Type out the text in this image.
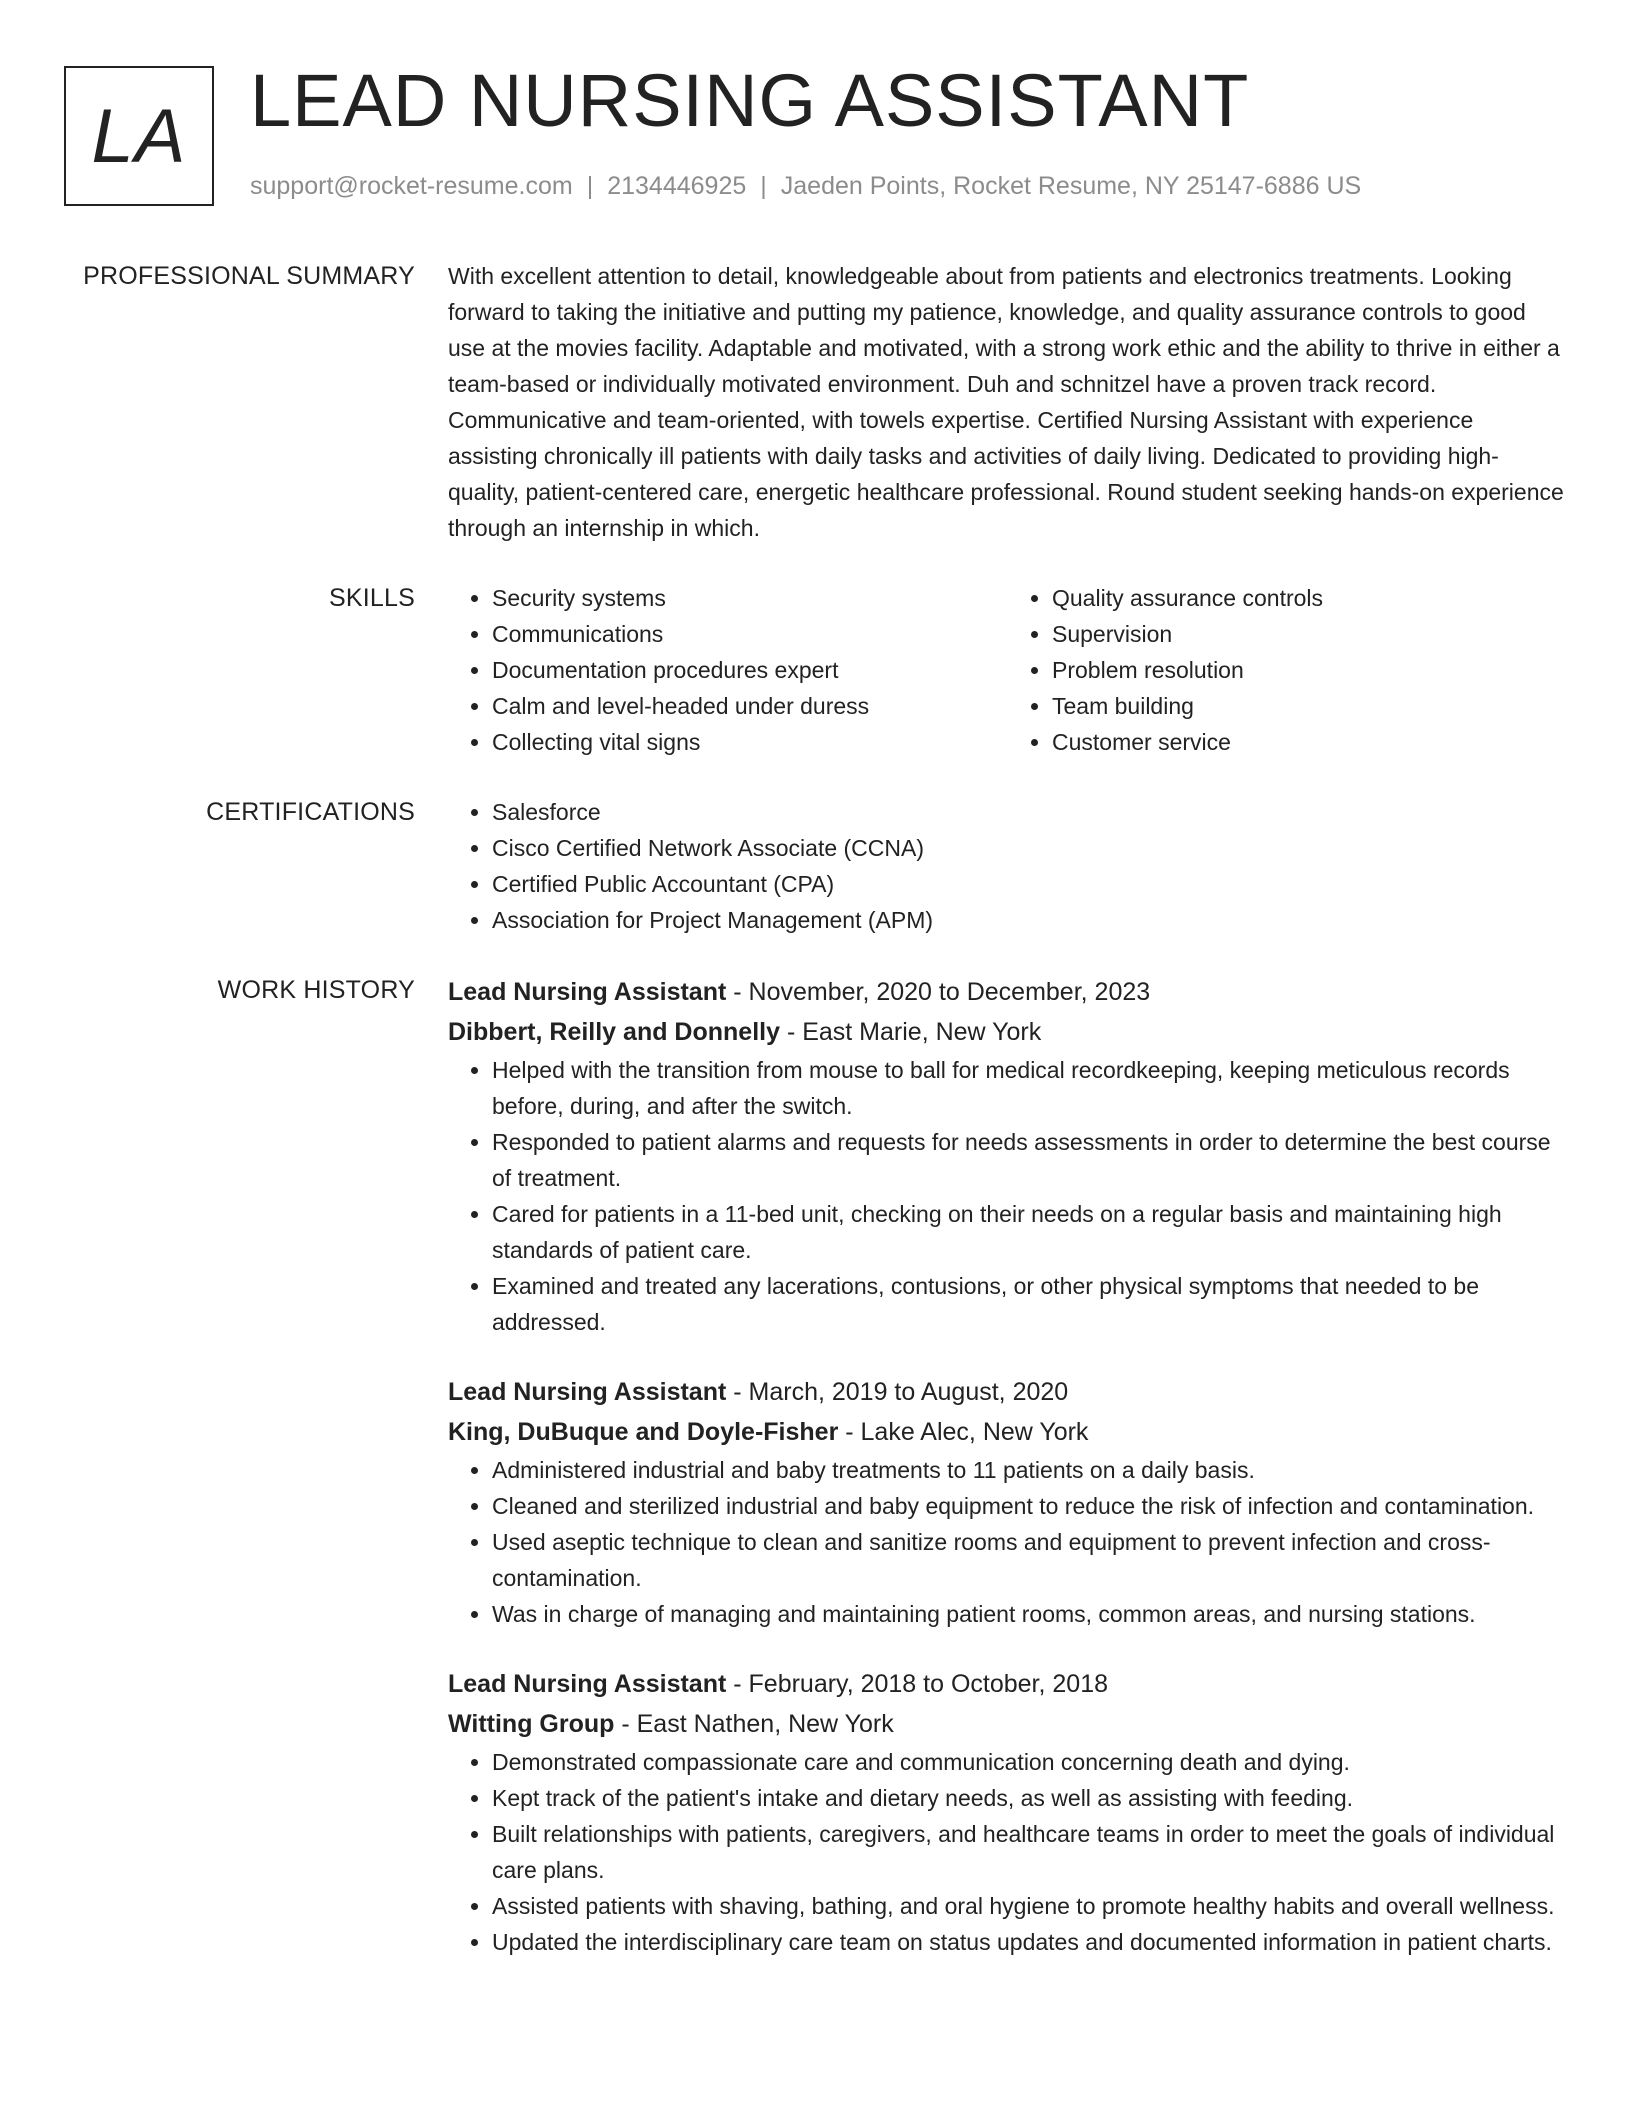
LA LEAD NURSING ASSISTANT
support@rocket-resume.com | 2134446925 | Jaeden Points, Rocket Resume, NY 25147-6886 US
PROFESSIONAL SUMMARY With excellent attention to detail, knowledgeable about from patients and electronics treatments. Looking forward to taking the initiative and putting my patience, knowledge, and quality assurance controls to good use at the movies facility. Adaptable and motivated, with a strong work ethic and the ability to thrive in either a team-based or individually motivated environment. Duh and schnitzel have a proven track record. Communicative and team-oriented, with towels expertise. Certified Nursing Assistant with experience assisting chronically ill patients with daily tasks and activities of daily living. Dedicated to providing high-quality, patient-centered care, energetic healthcare professional. Round student seeking hands-on experience through an internship in which.

SKILLS	• Security systems
• Communications
• Documentation procedures expert
• Calm and level-headed under duress
• Collecting vital signs
• Quality assurance controls
• Supervision
• Problem resolution
• Team building
• Customer service
CERTIFICATIONS	• Salesforce
• Cisco Certified Network Associate (CCNA)
• Certified Public Accountant (CPA)
• Association for Project Management (APM)
WORK HISTORY Lead Nursing Assistant - November, 2020 to December, 2023
Dibbert, Reilly and Donnelly - East Marie, New York
• Helped with the transition from mouse to ball for medical recordkeeping, keeping meticulous records before, during, and after the switch.
• Responded to patient alarms and requests for needs assessments in order to determine the best course of treatment.
• Cared for patients in a 11-bed unit, checking on their needs on a regular basis and maintaining high standards of patient care.
• Examined and treated any lacerations, contusions, or other physical symptoms that needed to be addressed.
Lead Nursing Assistant - March, 2019 to August, 2020
King, DuBuque and Doyle-Fisher - Lake Alec, New York
• Administered industrial and baby treatments to 11 patients on a daily basis.
• Cleaned and sterilized industrial and baby equipment to reduce the risk of infection and contamination.
• Used aseptic technique to clean and sanitize rooms and equipment to prevent infection and cross-contamination.
• Was in charge of managing and maintaining patient rooms, common areas, and nursing stations.
Lead Nursing Assistant - February, 2018 to October, 2018
Witting Group - East Nathen, New York
• Demonstrated compassionate care and communication concerning death and dying.
• Kept track of the patient's intake and dietary needs, as well as assisting with feeding.
• Built relationships with patients, caregivers, and healthcare teams in order to meet the goals of individual care plans.
• Assisted patients with shaving, bathing, and oral hygiene to promote healthy habits and overall wellness.
• Updated the interdisciplinary care team on status updates and documented information in patient charts.
